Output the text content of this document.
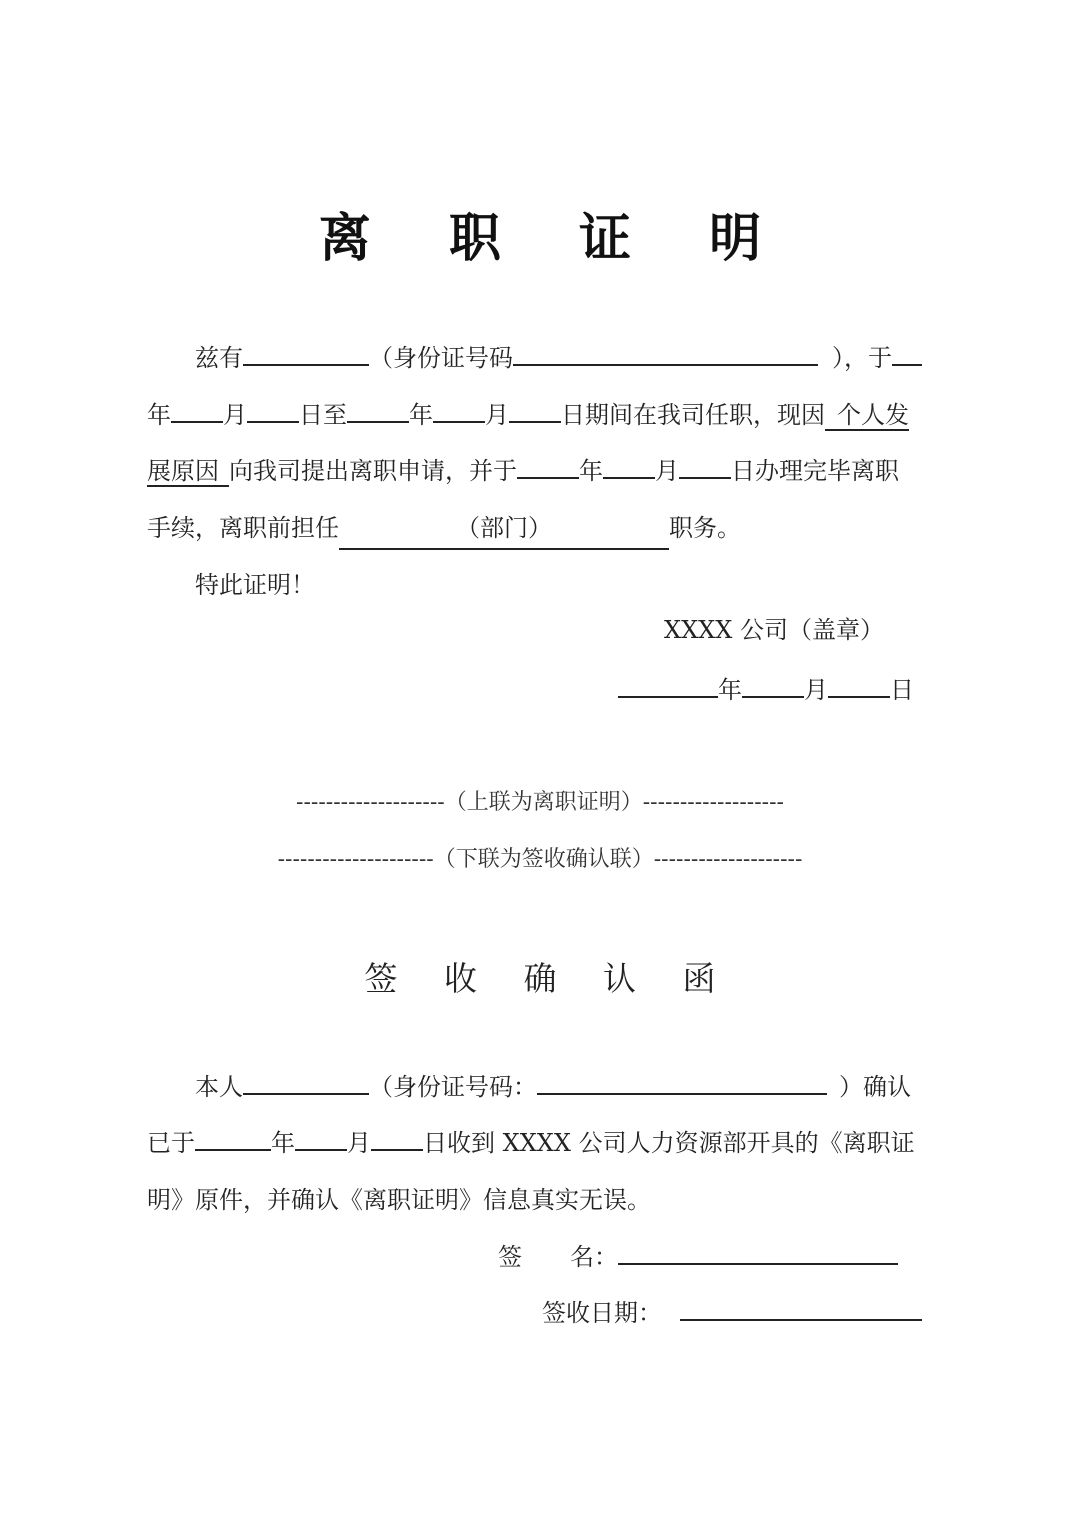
离 职 证 明
兹有	（身份证号码	），于
年 月 日至	年 月 日期间在我司任职，现因 个人发
展原因 向我司提出离职申请，并于	年 月 日办理完毕离职
手续，离职前担任	（部门）	职务。
特此证明！
XXXX 公司（盖章）
年	月	日
--------------------（上联为离职证明）-------------------
---------------------（下联为签收确认联）--------------------
签 收 确 认 函
本人	（身份证号码：	）确认
已于	年 月 日收到 XXXX 公司人力资源部开具的《离职证
明》原件，并确认《离职证明》信息真实无误。
签　　名：
签收日期：
